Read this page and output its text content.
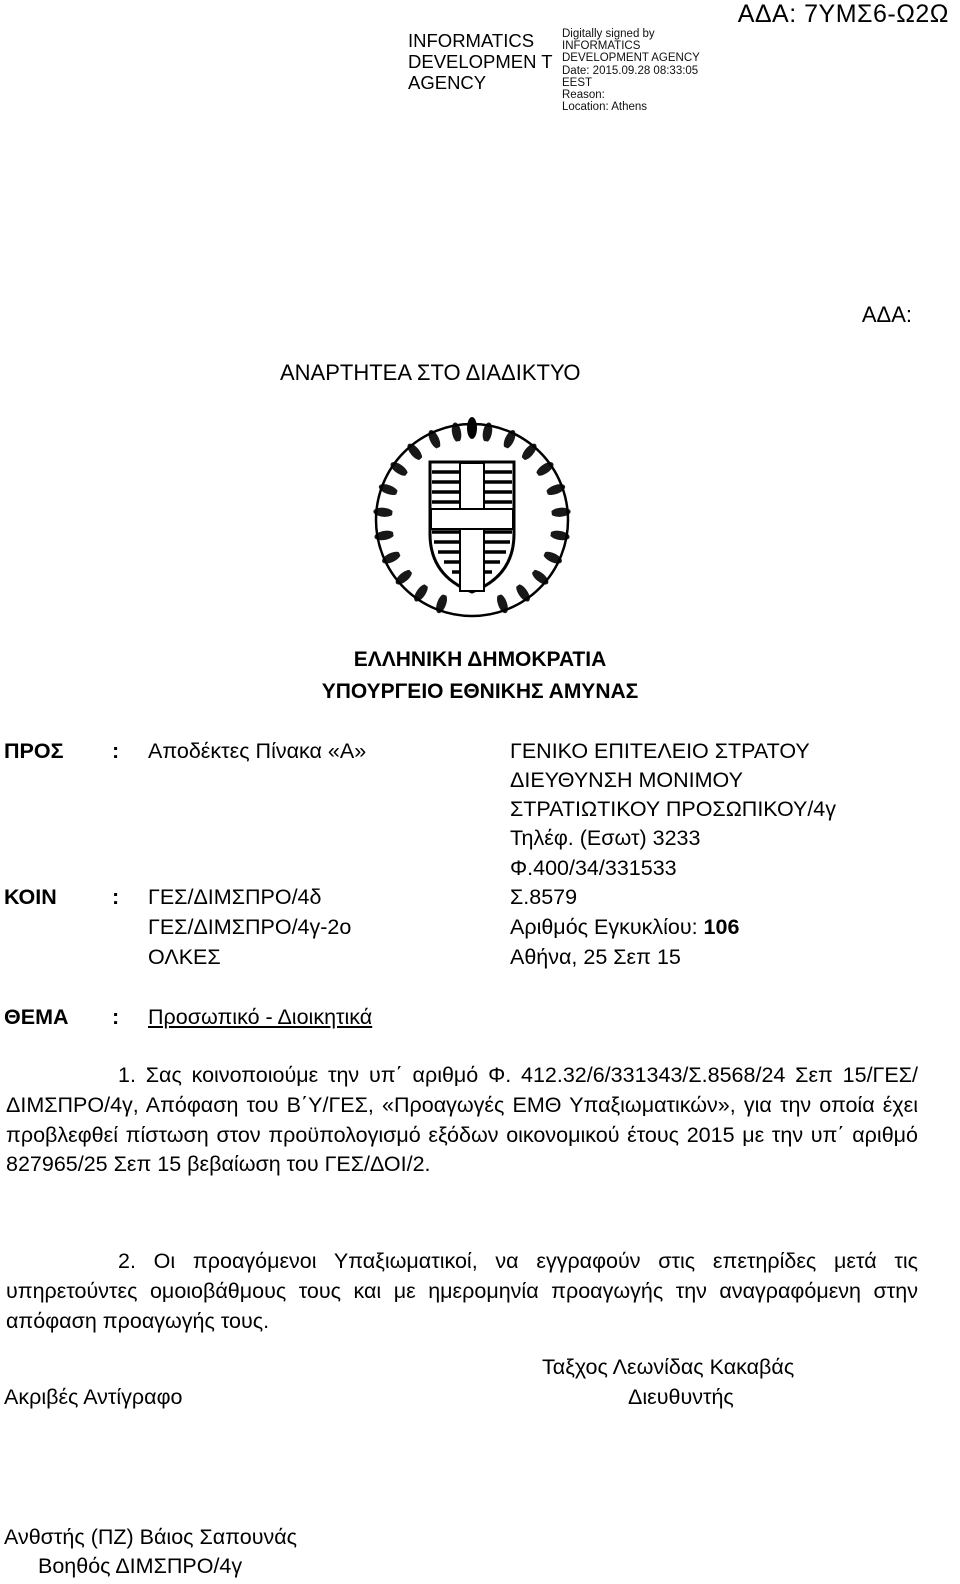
INFORMATICS DEVELOPMEN T AGENCY
Digitally signed by
INFORMATICS
DEVELOPMENT AGENCY
Date: 2015.09.28 08:33:05
EEST
Reason:
Location: Athens
ΑΔΑ: 7ΥΜΣ6-Ω2Ω
ΑΔΑ:
ΑΝΑΡΤΗΤΕΑ ΣΤΟ ΔΙΑΔΙΚΤΥΟ
ΕΛΛΗΝΙΚΗ ΔΗΜΟΚΡΑΤΙΑ
ΥΠΟΥΡΓΕΙΟ ΕΘΝΙΚΗΣ ΑΜΥΝΑΣ
ΠΡΟΣ : Αποδέκτες Πίνακα «Α»
ΚΟΙΝ	: ΓΕΣ/ΔΙΜΣΠΡΟ/4δ
ΓΕΣ/ΔΙΜΣΠΡΟ/4γ-2ο
ΟΛΚΕΣ
ΓΕΝΙΚΟ ΕΠΙΤΕΛΕΙΟ ΣΤΡΑΤΟΥ
ΔΙΕΥΘΥΝΣΗ ΜΟΝΙΜΟΥ
ΣΤΡΑΤΙΩΤΙΚΟΥ ΠΡΟΣΩΠΙΚΟΥ/4γ
Τηλέφ. (Εσωτ) 3233
Φ.400/34/331533
Σ.8579
Αριθμός Εγκυκλίου: 106
Αθήνα, 25 Σεπ 15
ΘΕΜΑ : Προσωπικό - Διοικητικά
1. Σας κοινοποιούμε την υπ΄ αριθμό Φ. 412.32/6/331343/Σ.8568/24 Σεπ 15/ΓΕΣ/ΔΙΜΣΠΡΟ/4γ, Απόφαση του Β΄Υ/ΓΕΣ, «Προαγωγές ΕΜΘ Υπαξιωματικών», για την οποία έχει προβλεφθεί πίστωση στον προϋπολογισμό εξόδων οικονομικού έτους 2015 με την υπ΄ αριθμό 827965/25 Σεπ 15 βεβαίωση του ΓΕΣ/ΔΟΙ/2.
2. Οι προαγόμενοι Υπαξιωματικοί, να εγγραφούν στις επετηρίδες μετά τις υπηρετούντες ομοιοβάθμους τους και με ημερομηνία προαγωγής την αναγραφόμενη στην απόφαση προαγωγής τους.
Ταξχος Λεωνίδας Κακαβάς
Διευθυντής
Ακριβές Αντίγραφο
Ανθστής (ΠΖ) Βάιος Σαπουνάς
Βοηθός ΔΙΜΣΠΡΟ/4γ
